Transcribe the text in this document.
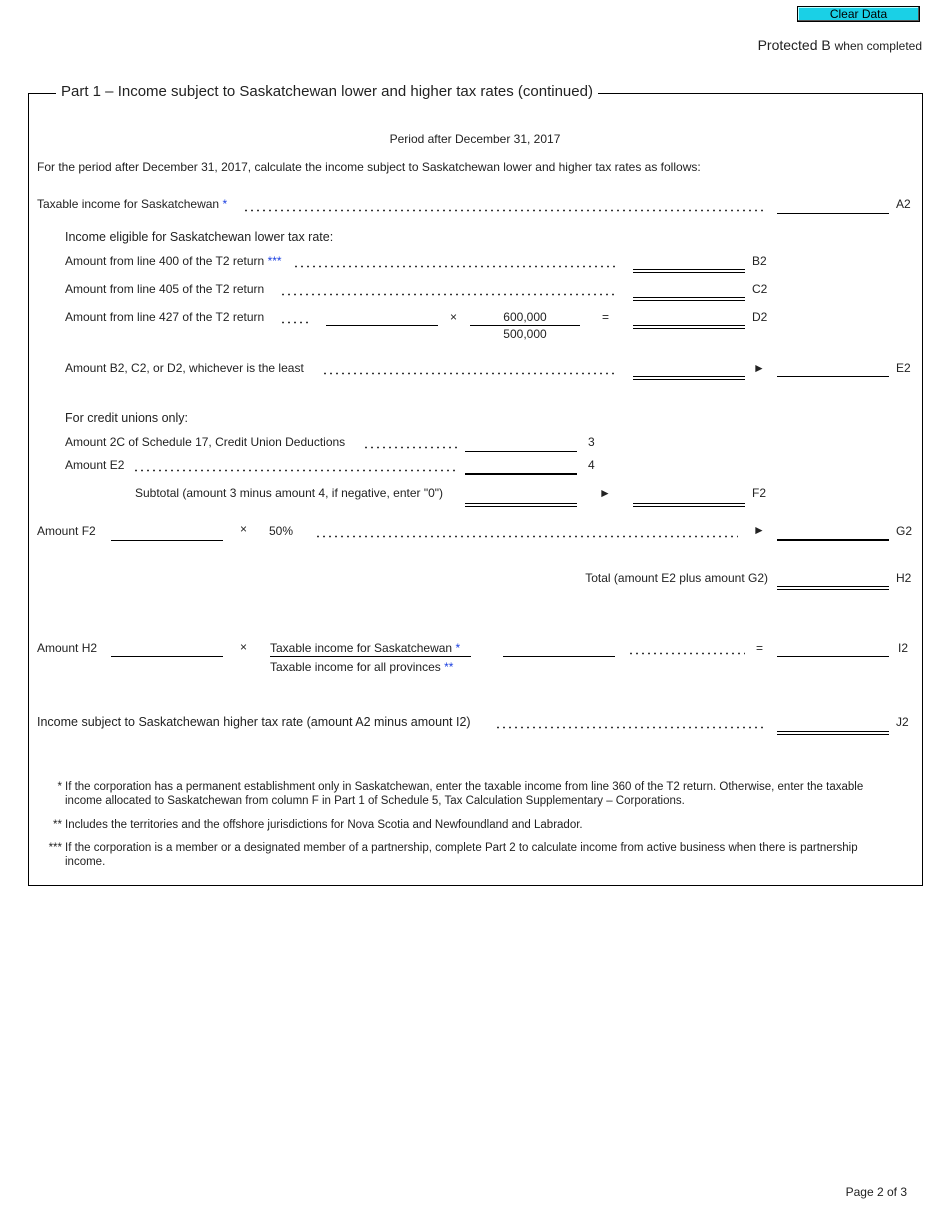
Clear Data
Protected B when completed
Part 1 – Income subject to Saskatchewan lower and higher tax rates (continued)
Period after December 31, 2017
For the period after December 31, 2017, calculate the income subject to Saskatchewan lower and higher tax rates as follows:
Taxable income for Saskatchewan *	A2
Income eligible for Saskatchewan lower tax rate:
Amount from line 400 of the T2 return ***	B2
Amount from line 405 of the T2 return	C2
Amount from line 427 of the T2 return	×	600,000
500,000
=	D2
Amount B2, C2, or D2, whichever is the least	►	E2
For credit unions only:
Amount 2C of Schedule 17, Credit Union Deductions	3
Amount E2	4
Subtotal (amount 3 minus amount 4, if negative, enter "0")	►	F2
Amount F2	× 50%	►	G2
Total (amount E2 plus amount G2)	H2
Amount H2	× Taxable income for Saskatchewan *
Taxable income for all provinces **
=	I2
Income subject to Saskatchewan higher tax rate (amount A2 minus amount I2)	J2
* If the corporation has a permanent establishment only in Saskatchewan, enter the taxable income from line 360 of the T2 return. Otherwise, enter the taxable income allocated to Saskatchewan from column F in Part 1 of Schedule 5, Tax Calculation Supplementary – Corporations.
** Includes the territories and the offshore jurisdictions for Nova Scotia and Newfoundland and Labrador.
*** If the corporation is a member or a designated member of a partnership, complete Part 2 to calculate income from active business when there is partnership income.
Page 2 of 3
